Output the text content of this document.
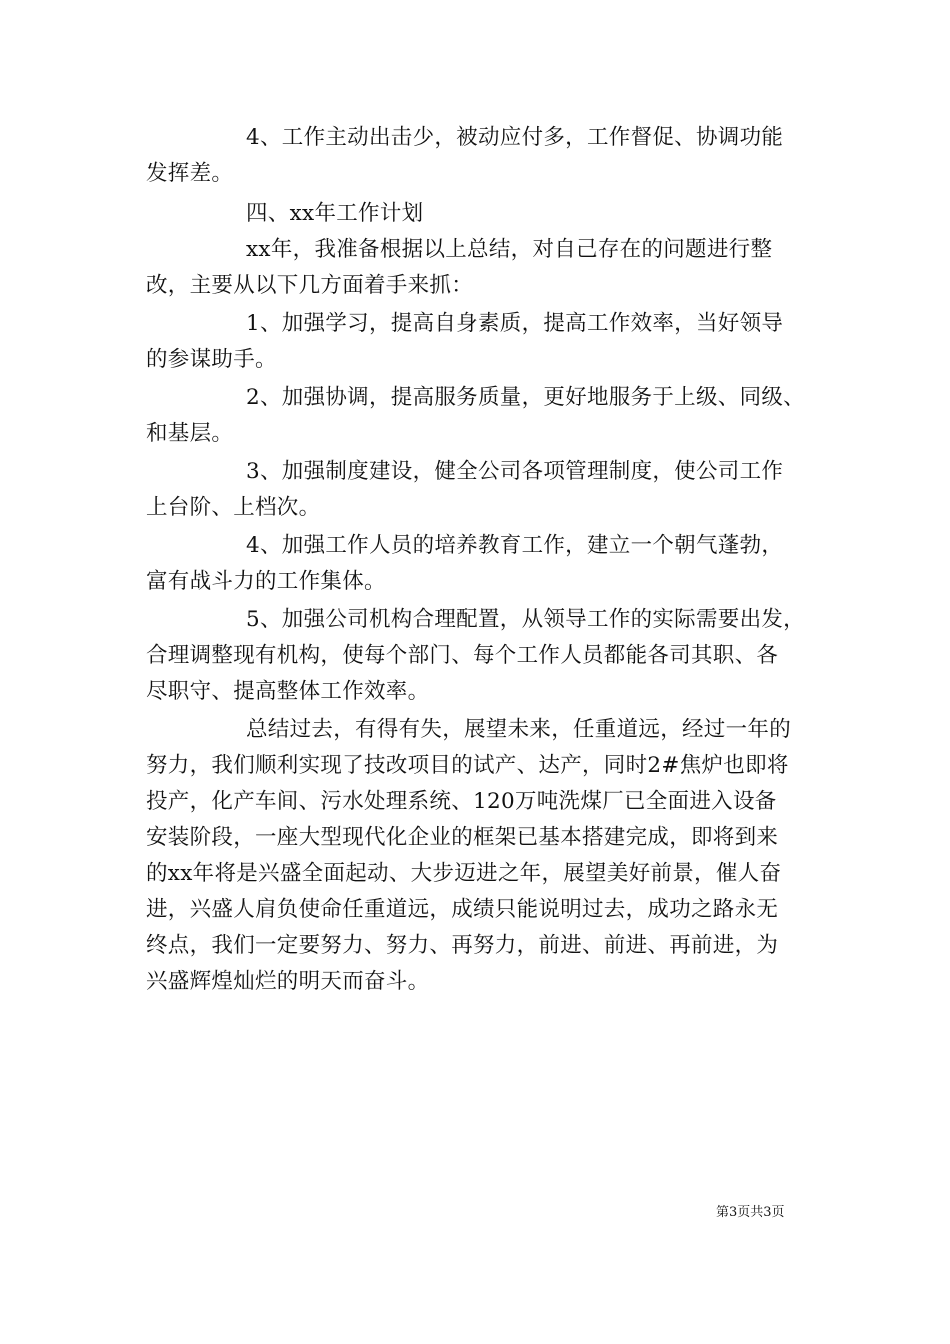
4、工作主动出击少，被动应付多，工作督促、协调功能
发挥差。
四、xx年工作计划
xx年，我准备根据以上总结，对自己存在的问题进行整
改，主要从以下几方面着手来抓：
1、加强学习，提高自身素质，提高工作效率，当好领导
的参谋助手。
2、加强协调，提高服务质量，更好地服务于上级、同级、
和基层。
3、加强制度建设，健全公司各项管理制度，使公司工作
上台阶、上档次。
4、加强工作人员的培养教育工作，建立一个朝气蓬勃，
富有战斗力的工作集体。
5、加强公司机构合理配置，从领导工作的实际需要出发，
合理调整现有机构，使每个部门、每个工作人员都能各司其职、各
尽职守、提高整体工作效率。
总结过去，有得有失，展望未来，任重道远，经过一年的
努力，我们顺利实现了技改项目的试产、达产，同时2#焦炉也即将
投产，化产车间、污水处理系统、120万吨洗煤厂已全面进入设备
安装阶段，一座大型现代化企业的框架已基本搭建完成，即将到来
的xx年将是兴盛全面起动、大步迈进之年，展望美好前景，催人奋
进，兴盛人肩负使命任重道远，成绩只能说明过去，成功之路永无
终点，我们一定要努力、努力、再努力，前进、前进、再前进，为
兴盛辉煌灿烂的明天而奋斗。
第3页共3页
